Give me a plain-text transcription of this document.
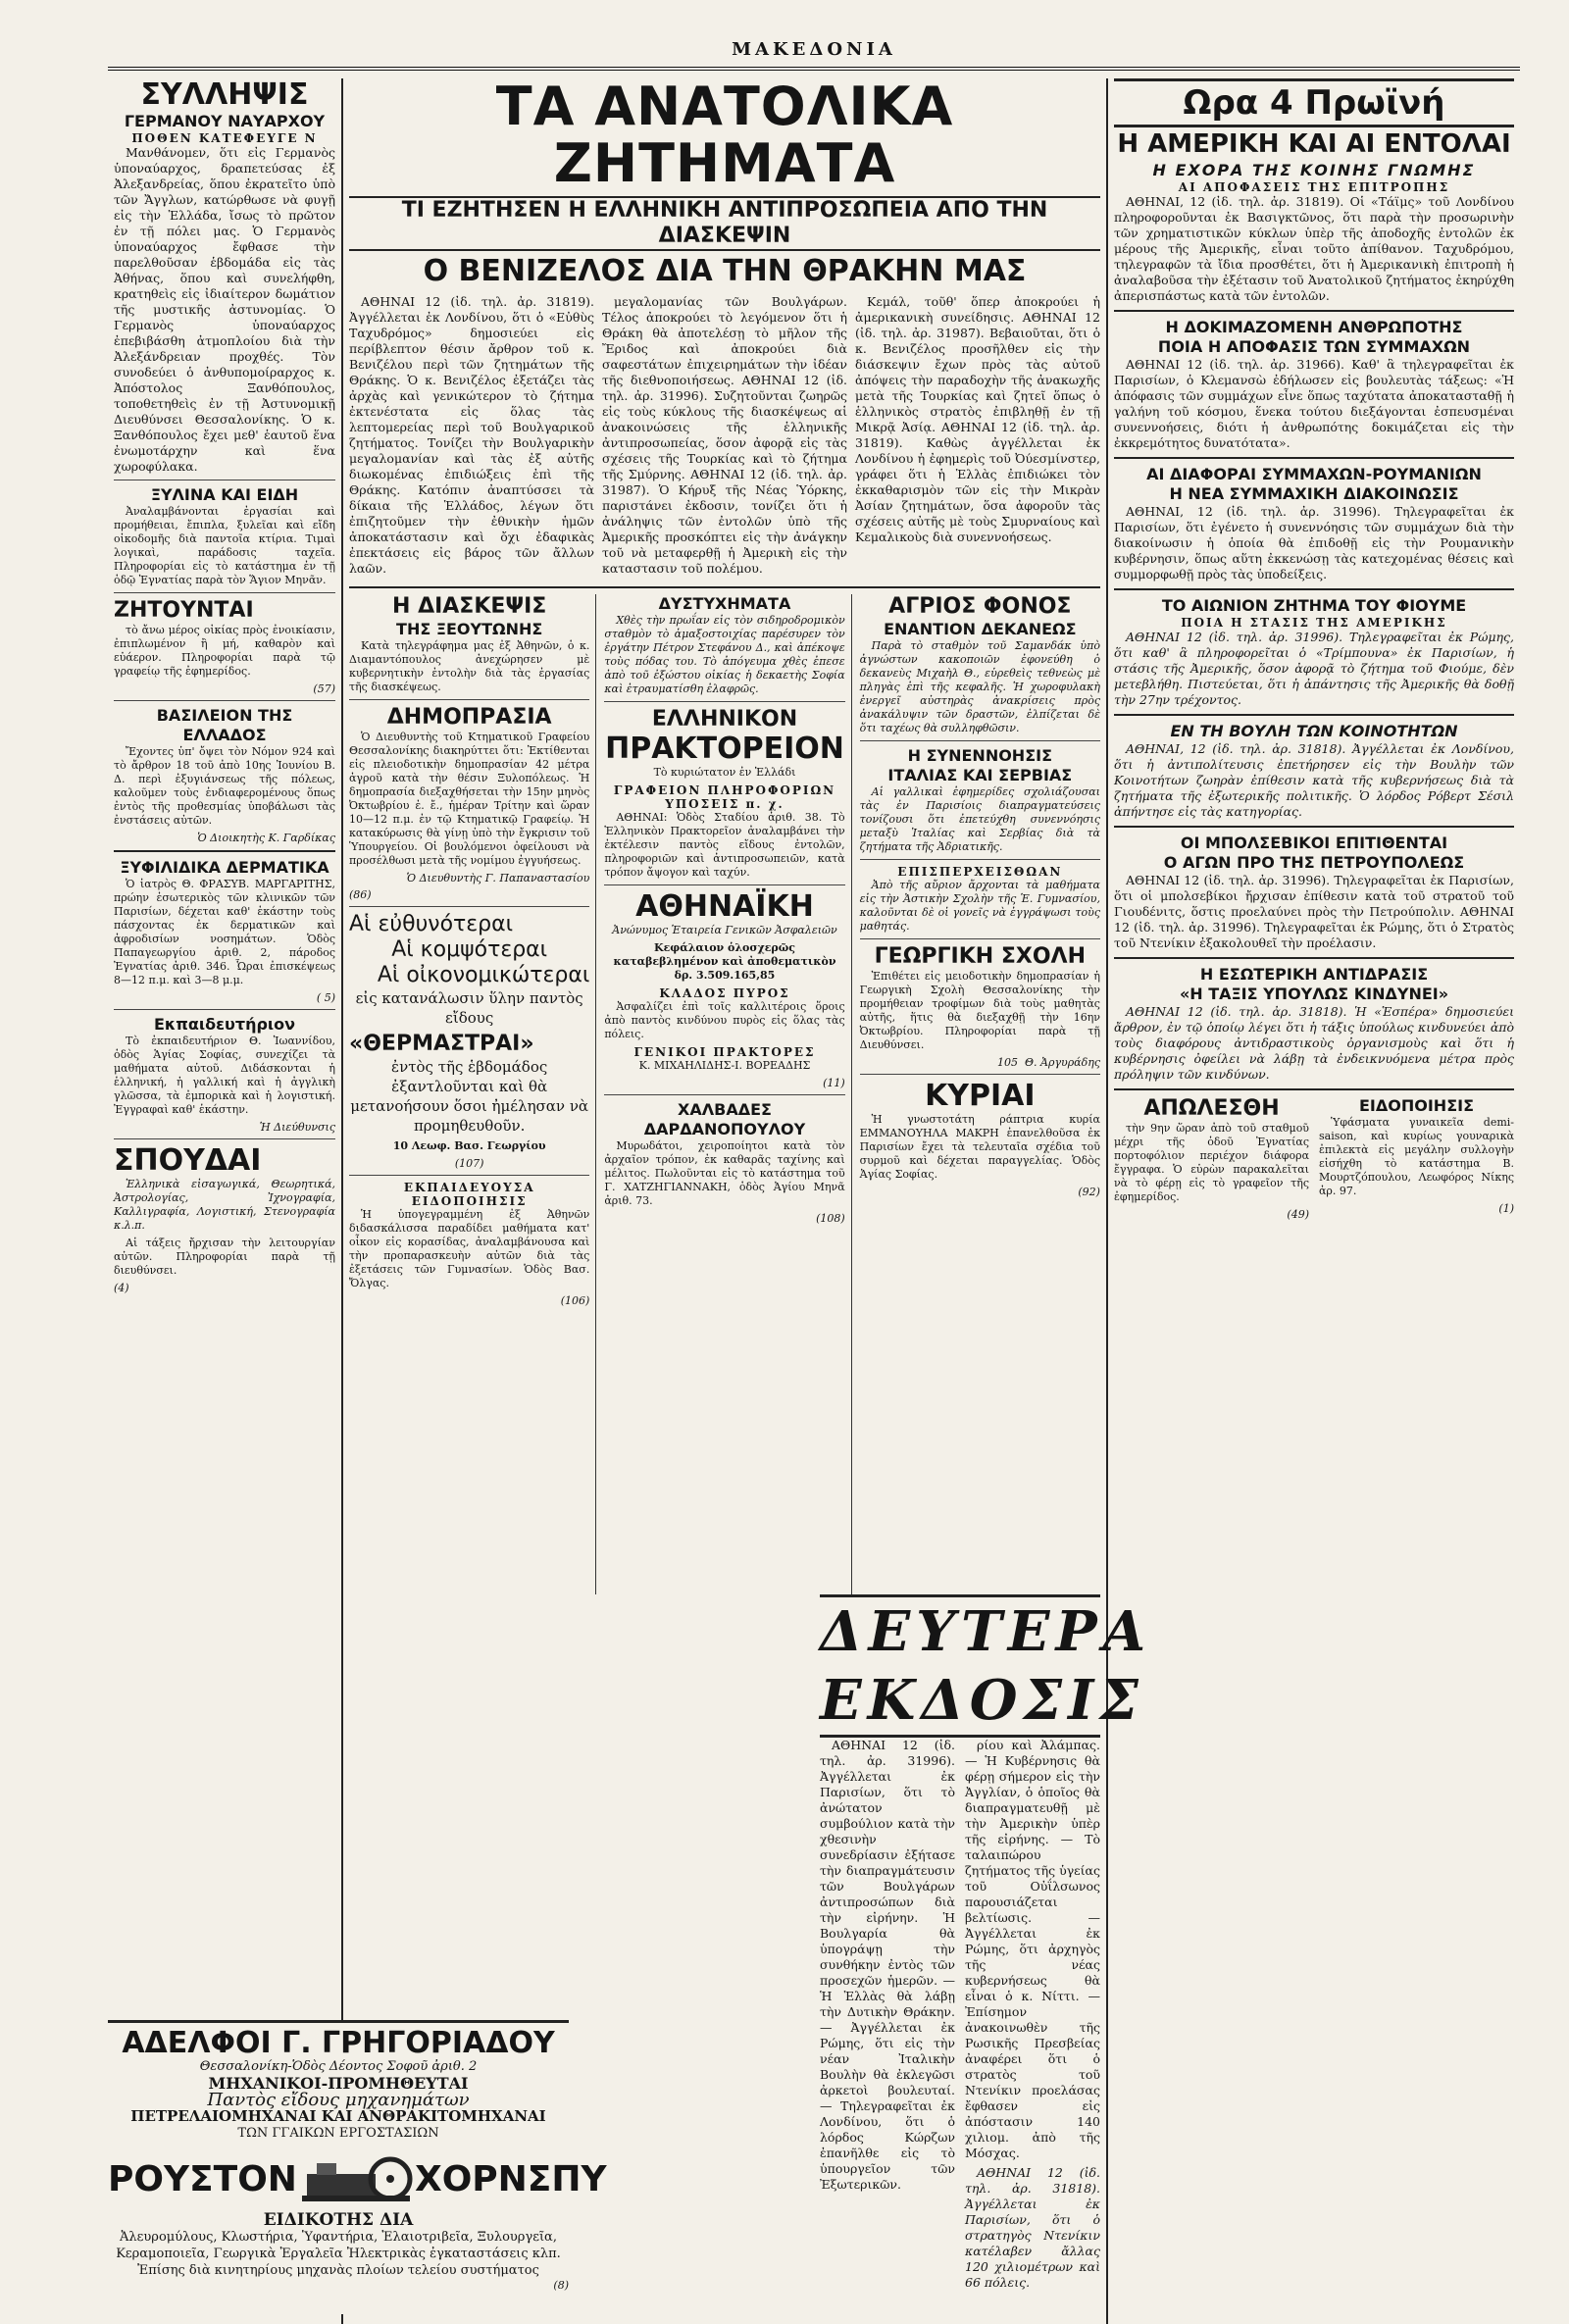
ΜΑΚΕΔΟΝΙΑ
ΣΥΛΛΗΨΙΣ
ΓΕΡΜΑΝΟΥ ΝΑΥΑΡΧΟΥ
ΠΟΘΕΝ ΚΑΤΕΦΕΥΓΕ Ν

Μανθάνομεν, ὅτι εἰς Γερμανὸς ὑποναύαρχος, δραπετεύσας ἐξ Ἀλεξανδρείας, ὅπου ἐκρατεῖτο ὑπὸ τῶν Ἄγγλων, κατώρθωσε νὰ φυγῇ εἰς τὴν Ἑλλάδα, ἴσως τὸ πρῶτον ἐν τῇ πόλει μας. Ὁ Γερμανὸς ὑποναύαρχος ἔφθασε τὴν παρελθοῦσαν ἑβδομάδα εἰς τὰς Ἀθήνας, ὅπου καὶ συνελήφθη, κρατηθεὶς εἰς ἰδιαίτερον δωμάτιον τῆς μυστικῆς ἀστυνομίας. Ὁ Γερμανὸς ὑποναύαρχος ἐπεβιβάσθη ἀτμοπλοίου διὰ τὴν Ἀλεξάνδρειαν προχθές. Τὸν συνοδεύει ὁ ἀνθυπομοίραρχος κ. Ἀπόστολος Ξανθόπουλος, τοποθετηθεὶς ἐν τῇ Ἀστυνομικῇ Διευθύνσει Θεσσαλονίκης. Ὁ κ. Ξανθόπουλος ἔχει μεθ' ἑαυτοῦ ἕνα ἐνωμοτάρχην καὶ ἕνα χωροφύλακα.

ΞΥΛΙΝΑ ΚΑΙ ΕΙΔΗ

Ἀναλαμβάνονται ἐργασίαι καὶ προμήθειαι, ἔπιπλα, ξυλεῖαι καὶ εἴδη οἰκοδομῆς διὰ παντοῖα κτίρια. Τιμαὶ λογικαὶ, παράδοσις ταχεῖα. Πληροφορίαι εἰς τὸ κατάστημα ἐν τῇ ὁδῷ Ἐγνατίας παρὰ τὸν Ἅγιον Μηνᾶν.

ΖΗΤΟΥΝΤΑΙ

τὸ ἄνω μέρος οἰκίας πρὸς ἐνοικίασιν, ἐπιπλωμένον ἢ μή, καθαρὸν καὶ εὐάερον. Πληροφορίαι παρὰ τῷ γραφείῳ τῆς ἐφημερίδος.

(57)
ΒΑΣΙΛΕΙΟΝ ΤΗΣ ΕΛΛΑΔΟΣ

Ἔχοντες ὑπ' ὄψει τὸν Νόμον 924 καὶ τὸ ἄρθρον 18 τοῦ ἀπὸ 10ης Ἰουνίου Β. Δ. περὶ ἐξυγιάνσεως τῆς πόλεως, καλοῦμεν τοὺς ἐνδιαφερομένους ὅπως ἐντὸς τῆς προθεσμίας ὑποβάλωσι τὰς ἐνστάσεις αὐτῶν.

Ὁ Διοικητὴς Κ. Γαρδίκας
ΞΥΦΙΛΙΔΙΚΑ ΔΕΡΜΑΤΙΚΑ

Ὁ ἰατρὸς Θ. ΦΡΑΣΥΒ. ΜΑΡΓΑΡΙΤΗΣ, πρώην ἐσωτερικὸς τῶν κλινικῶν τῶν Παρισίων, δέχεται καθ' ἑκάστην τοὺς πάσχοντας ἐκ δερματικῶν καὶ ἀφροδισίων νοσημάτων. Ὁδὸς Παπαγεωργίου ἀριθ. 2, πάροδος Ἐγνατίας ἀριθ. 346. Ὧραι ἐπισκέψεως 8—12 π.μ. καὶ 3—8 μ.μ.

( 5)
Εκπαιδευτήριον

Τὸ ἐκπαιδευτήριον Θ. Ἰωαννίδου, ὁδὸς Ἁγίας Σοφίας, συνεχίζει τὰ μαθήματα αὐτοῦ. Διδάσκονται ἡ ἑλληνική, ἡ γαλλική καὶ ἡ ἀγγλικὴ γλῶσσα, τὰ ἐμπορικὰ καὶ ἡ λογιστική. Ἐγγραφαὶ καθ' ἑκάστην.

Ἡ Διεύθυνσις
ΣΠΟΥΔΑΙ

Ἑλληνικὰ εἰσαγωγικά, Θεωρητικά, Ἀστρολογίας, Ἰχνογραφία, Καλλιγραφία, Λογιστική, Στενογραφία κ.λ.π.

Αἱ τάξεις ἤρχισαν τὴν λειτουργίαν αὐτῶν. Πληροφορίαι παρὰ τῇ διευθύνσει.

(4)
ΤΑ ΑΝΑΤΟΛΙΚΑ ΖΗΤΗΜΑΤΑ
ΤΙ ΕΖΗΤΗΣΕΝ Η ΕΛΛΗΝΙΚΗ ΑΝΤΙΠΡΟΣΩΠΕΙΑ ΑΠΟ ΤΗΝ ΔΙΑΣΚΕΨΙΝ
Ο ΒΕΝΙΖΕΛΟΣ ΔΙΑ ΤΗΝ ΘΡΑΚΗΝ ΜΑΣ

ΑΘΗΝΑΙ 12 (ἰδ. τηλ. ἀρ. 31819). Ἀγγέλλεται ἐκ Λονδίνου, ὅτι ὁ «Εὐθὺς Ταχυδρόμος» δημοσιεύει εἰς περίβλεπτον θέσιν ἄρθρον τοῦ κ. Βενιζέλου περὶ τῶν ζητημάτων τῆς Θράκης. Ὁ κ. Βενιζέλος ἐξετάζει τὰς ἀρχὰς καὶ γενικώτερον τὸ ζήτημα ἐκτενέστατα εἰς ὅλας τὰς λεπτομερείας περὶ τοῦ Βουλγαρικοῦ ζητήματος. Τονίζει τὴν Βουλγαρικὴν μεγαλομανίαν καὶ τὰς ἐξ αὐτῆς διωκομένας ἐπιδιώξεις ἐπὶ τῆς Θράκης. Κατόπιν ἀναπτύσσει τὰ δίκαια τῆς Ἑλλάδος, λέγων ὅτι ἐπιζητοῦμεν τὴν ἐθνικὴν ἡμῶν ἀποκατάστασιν καὶ ὄχι ἐδαφικὰς ἐπεκτάσεις εἰς βάρος τῶν ἄλλων λαῶν.

μεγαλομανίας τῶν Βουλγάρων. Τέλος ἀποκρούει τὸ λεγόμενον ὅτι ἡ Θράκη θὰ ἀποτελέσῃ τὸ μῆλον τῆς Ἔριδος καὶ ἀποκρούει διὰ σαφεστάτων ἐπιχειρημάτων τὴν ἰδέαν τῆς διεθνοποιήσεως. ΑΘΗΝΑΙ 12 (ἰδ. τηλ. ἀρ. 31996). Συζητοῦνται ζωηρῶς εἰς τοὺς κύκλους τῆς διασκέψεως αἱ ἀνακοινώσεις τῆς ἑλληνικῆς ἀντιπροσωπείας, ὅσον ἀφορᾷ εἰς τὰς σχέσεις τῆς Τουρκίας καὶ τὸ ζήτημα τῆς Σμύρνης. ΑΘΗΝΑΙ 12 (ἰδ. τηλ. ἀρ. 31987). Ὁ Κήρυξ τῆς Νέας Ὑόρκης, παριστάνει ἐκδοσιν, τονίζει ὅτι ἡ ἀνάληψις τῶν ἐντολῶν ὑπὸ τῆς Ἀμερικῆς προσκόπτει εἰς τὴν ἀνάγκην τοῦ νὰ μεταφερθῇ ἡ Ἀμερικὴ εἰς τὴν καταστασιν τοῦ πολέμου.

Κεμάλ, τοῦθ' ὅπερ ἀποκρούει ἡ ἀμερικανικὴ συνείδησις. ΑΘΗΝΑΙ 12 (ἰδ. τηλ. ἀρ. 31987). Βεβαιοῦται, ὅτι ὁ κ. Βενιζέλος προσῆλθεν εἰς τὴν διάσκεψιν ἔχων πρὸς τὰς αὐτοῦ ἀπόψεις τὴν παραδοχὴν τῆς ἀνακωχῆς μετὰ τῆς Τουρκίας καὶ ζητεῖ ὅπως ὁ ἑλληνικὸς στρατὸς ἐπιβληθῇ ἐν τῇ Μικρᾷ Ἀσίᾳ. ΑΘΗΝΑΙ 12 (ἰδ. τηλ. ἀρ. 31819). Καθὼς ἀγγέλλεται ἐκ Λονδίνου ἡ ἐφημερὶς τοῦ Ὀύεσμίνστερ, γράφει ὅτι ἡ Ἑλλὰς ἐπιδιώκει τὸν ἐκκαθαρισμὸν τῶν εἰς τὴν Μικρὰν Ἀσίαν ζητημάτων, ὅσα ἀφοροῦν τὰς σχέσεις αὐτῆς μὲ τοὺς Σμυρναίους καὶ Κεμαλικοὺς διὰ συνεννοήσεως.

Η ΔΙΑΣΚΕΨΙΣ
ΤΗΣ ΞΕΟΥΤΩΝΗΣ

Κατὰ τηλεγράφημα μας ἐξ Ἀθηνῶν, ὁ κ. Διαμαντόπουλος ἀνεχώρησεν μὲ κυβερνητικὴν ἐντολὴν διὰ τὰς ἐργασίας τῆς διασκέψεως.

ΔΗΜΟΠΡΑΣΙΑ

Ὁ Διευθυντὴς τοῦ Κτηματικοῦ Γραφείου Θεσσαλονίκης διακηρύττει ὅτι: Ἐκτίθενται εἰς πλειοδοτικὴν δημοπρασίαν 42 μέτρα ἀγροῦ κατὰ τὴν θέσιν Ξυλοπόλεως. Ἡ δημοπρασία διεξαχθήσεται τὴν 15ην μηνὸς Ὀκτωβρίου ἐ. ἔ., ἡμέραν Τρίτην καὶ ὥραν 10—12 π.μ. ἐν τῷ Κτηματικῷ Γραφείῳ. Ἡ κατακύρωσις θὰ γίνῃ ὑπὸ τὴν ἔγκρισιν τοῦ Ὑπουργείου. Οἱ βουλόμενοι ὀφείλουσι νὰ προσέλθωσι μετὰ τῆς νομίμου ἐγγυήσεως.

Ὁ Διευθυντὴς Γ. Παπαναστασίου
(86)
Αἱ εὐθυνότεραι
Αἱ κομψότεραι
Αἱ οἰκονομικώτεραι

εἰς κατανάλωσιν ὕλην παντὸς εἴδους

«ΘΕΡΜΑΣΤΡΑΙ»

ἐντὸς τῆς ἑβδομάδος ἐξαντλοῦνται καὶ θὰ μετανοήσουν ὅσοι ἠμέλησαν νὰ προμηθευθοῦν.

10 Λεωφ. Βασ. Γεωργίου

(107)
ΕΚΠΑΙΔΕΥΟΥΣΑ ΕΙΔΟΠΟΙΗΣΙΣ

Ἡ ὑπογεγραμμένη ἐξ Ἀθηνῶν διδασκάλισσα παραδίδει μαθήματα κατ' οἶκον εἰς κορασίδας, ἀναλαμβάνουσα καὶ τὴν προπαρασκευὴν αὐτῶν διὰ τὰς ἐξετάσεις τῶν Γυμνασίων. Ὁδὸς Βασ. Ὄλγας.

(106)
ΔΥΣΤΥΧΗΜΑΤΑ

Χθὲς τὴν πρωΐαν εἰς τὸν σιδηροδρομικὸν σταθμὸν τὸ ἁμαξοστοιχίας παρέσυρεν τὸν ἐργάτην Πέτρον Στεφάνου Δ., καὶ ἀπέκοψε τοὺς πόδας του. Τὸ ἀπόγευμα χθὲς ἐπεσε ἀπὸ τοῦ ἐξώστου οἰκίας ἡ δεκαετὴς Σοφία καὶ ἐτραυματίσθη ἐλαφρῶς.

ΕΛΛΗΝΙΚΟΝ
ΠΡΑΚΤΟΡΕΙΟΝ

Τὸ κυριώτατον ἐν Ἑλλάδι

ΓΡΑΦΕΙΟΝ ΠΛΗΡΟΦΟΡΙΩΝ
ΥΠΟΣΕΙΣ π. χ.

ΑΘΗΝΑΙ: Ὁδὸς Σταδίου ἀριθ. 38. Τὸ Ἑλληνικὸν Πρακτορεῖον ἀναλαμβάνει τὴν ἐκτέλεσιν παντὸς εἴδους ἐντολῶν, πληροφοριῶν καὶ ἀντιπροσωπειῶν, κατὰ τρόπον ἄψογον καὶ ταχύν.

ΑΘΗΝΑΪΚΗ

Ἀνώνυμος Ἑταιρεία Γενικῶν Ἀσφαλειῶν

Κεφάλαιον ὁλοσχερῶς καταβεβλημένον καὶ ἀποθεματικὸν δρ. 3.509.165,85

ΚΛΑΔΟΣ ΠΥΡΟΣ

Ἀσφαλίζει ἐπὶ τοῖς καλλιτέροις ὅροις ἀπὸ παντὸς κινδύνου πυρὸς εἰς ὅλας τὰς πόλεις.

ΓΕΝΙΚΟΙ ΠΡΑΚΤΟΡΕΣ

Κ. ΜΙΧΑΗΛΙΔΗΣ-Ι. ΒΟΡΕΑΔΗΣ

(11)
ΧΑΛΒΑΔΕΣ ΔΑΡΔΑΝΟΠΟΥΛΟΥ

Μυρωδάτοι, χειροποίητοι κατὰ τὸν ἀρχαῖον τρόπον, ἐκ καθαρᾶς ταχίνης καὶ μέλιτος. Πωλοῦνται εἰς τὸ κατάστημα τοῦ Γ. ΧΑΤΖΗΓΙΑΝΝΑΚΗ, ὁδὸς Ἀγίου Μηνᾶ ἀριθ. 73.

(108)
ΑΓΡΙΟΣ ΦΟΝΟΣ
ΕΝΑΝΤΙΟΝ ΔΕΚΑΝΕΩΣ

Παρὰ τὸ σταθμὸν τοῦ Σαμανδάκ ὑπὸ ἀγνώστων κακοποιῶν ἐφονεύθη ὁ δεκανεὺς Μιχαὴλ Θ., εὑρεθεὶς τεθνεὼς μὲ πληγὰς ἐπὶ τῆς κεφαλῆς. Ἡ χωροφυλακὴ ἐνεργεῖ αὐστηρὰς ἀνακρίσεις πρὸς ἀνακάλυψιν τῶν δραστῶν, ἐλπίζεται δὲ ὅτι ταχέως θὰ συλληφθῶσιν.

Η ΣΥΝΕΝΝΟΗΣΙΣ
ΙΤΑΛΙΑΣ ΚΑΙ ΣΕΡΒΙΑΣ

Αἱ γαλλικαὶ ἐφημερίδες σχολιάζουσαι τὰς ἐν Παρισίοις διαπραγματεύσεις τονίζουσι ὅτι ἐπετεύχθη συνεννόησις μεταξὺ Ἰταλίας καὶ Σερβίας διὰ τὰ ζητήματα τῆς Ἀδριατικῆς.

ΕΠΙΣΠΕΡΧΕΙΣΘΩΑΝ

Ἀπὸ τῆς αὔριον ἄρχονται τὰ μαθήματα εἰς τὴν Ἀστικὴν Σχολὴν τῆς Ἑ. Γυμνασίου, καλοῦνται δὲ οἱ γονεῖς νὰ ἐγγράψωσι τοὺς μαθητάς.

ΓΕΩΡΓΙΚΗ ΣΧΟΛΗ

Ἐπιθέτει εἰς μειοδοτικὴν δημοπρασίαν ἡ Γεωργικὴ Σχολὴ Θεσσαλονίκης τὴν προμήθειαν τροφίμων διὰ τοὺς μαθητὰς αὐτῆς, ἥτις θὰ διεξαχθῇ τὴν 16ην Ὀκτωβρίου. Πληροφορίαι παρὰ τῇ Διευθύνσει.

105 Θ. Ἀργυράδης
ΚΥΡΙΑΙ

Ἡ γνωστοτάτη ράπτρια κυρία ΕΜΜΑΝΟΥΗΛΑ ΜΑΚΡΗ ἐπανελθοῦσα ἐκ Παρισίων ἔχει τὰ τελευταῖα σχέδια τοῦ συρμοῦ καὶ δέχεται παραγγελίας. Ὁδὸς Ἀγίας Σοφίας.

(92)
ΔΕΥΤΕΡΑ ΕΚΔΟΣΙΣ

ΑΘΗΝΑΙ 12 (ἰδ. τηλ. ἀρ. 31996). Ἀγγέλλεται ἐκ Παρισίων, ὅτι τὸ ἀνώτατον συμβούλιον κατὰ τὴν χθεσινὴν συνεδρίασιν ἐξήτασε τὴν διαπραγμάτευσιν τῶν Βουλγάρων ἀντιπροσώπων διὰ τὴν εἰρήνην. Ἡ Βουλγαρία θὰ ὑπογράψῃ τὴν συνθήκην ἐντὸς τῶν προσεχῶν ἡμερῶν. — Ἡ Ἑλλὰς θὰ λάβῃ τὴν Δυτικὴν Θράκην. — Ἀγγέλλεται ἐκ Ρώμης, ὅτι εἰς τὴν νέαν Ἰταλικὴν Βουλὴν θὰ ἐκλεγῶσι ἀρκετοὶ βουλευταί. — Τηλεγραφεῖται ἐκ Λονδίνου, ὅτι ὁ λόρδος Κώρζων ἐπανῆλθε εἰς τὸ ὑπουργεῖον τῶν Ἐξωτερικῶν.

ρίου καὶ Ἀλάμπας. — Ἡ Κυβέρνησις θὰ φέρῃ σήμερον εἰς τὴν Ἀγγλίαν, ὁ ὁποῖος θὰ διαπραγματευθῇ μὲ τὴν Ἀμερικὴν ὑπὲρ τῆς εἰρήνης. — Τὸ ταλαιπώρου ζητήματος τῆς ὑγείας τοῦ Οὐΐλσωνος παρουσιάζεται βελτίωσις. — Ἀγγέλλεται ἐκ Ρώμης, ὅτι ἀρχηγὸς τῆς νέας κυβερνήσεως θὰ εἶναι ὁ κ. Νίττι. — Ἐπίσημον ἀνακοινωθὲν τῆς Ρωσικῆς Πρεσβείας ἀναφέρει ὅτι ὁ στρατὸς τοῦ Ντενίκιν προελάσας ἔφθασεν εἰς ἀπόστασιν 140 χιλιομ. ἀπὸ τῆς Μόσχας.

ΑΘΗΝΑΙ 12 (ἰδ. τηλ. ἀρ. 31818). Ἀγγέλλεται ἐκ Παρισίων, ὅτι ὁ στρατηγὸς Ντενίκιν κατέλαβεν ἄλλας 120 χιλιομέτρων καὶ 66 πόλεις.

Ωρα 4 Πρωϊνή
Η ΑΜΕΡΙΚΗ ΚΑΙ ΑΙ ΕΝΤΟΛΑΙ
Η ΕΧΟΡΑ ΤΗΣ ΚΟΙΝΗΣ ΓΝΩΜΗΣ
ΑΙ ΑΠΟΦΑΣΕΙΣ ΤΗΣ ΕΠΙΤΡΟΠΗΣ

ΑΘΗΝΑΙ, 12 (ἰδ. τηλ. ἀρ. 31819). Οἱ «Τάϊμς» τοῦ Λονδίνου πληροφοροῦνται ἐκ Βασιγκτῶνος, ὅτι παρὰ τὴν προσωρινὴν τῶν χρηματιστικῶν κύκλων ὑπὲρ τῆς ἀποδοχῆς ἐντολῶν ἐκ μέρους τῆς Ἀμερικῆς, εἶναι τοῦτο ἀπίθανον. Ταχυδρόμου, τηλεγραφῶν τὰ ἴδια προσθέτει, ὅτι ἡ Ἀμερικανικὴ ἐπιτροπὴ ἡ ἀναλαβοῦσα τὴν ἐξέτασιν τοῦ Ἀνατολικοῦ ζητήματος ἐκηρύχθη ἀπερισπάστως κατὰ τῶν ἐντολῶν.

Η ΔΟΚΙΜΑΖΟΜΕΝΗ ΑΝΘΡΩΠΟΤΗΣ
ΠΟΙΑ Η ΑΠΟΦΑΣΙΣ ΤΩΝ ΣΥΜΜΑΧΩΝ

ΑΘΗΝΑΙ 12 (ἰδ. τηλ. ἀρ. 31966). Καθ' ἃ τηλεγραφεῖται ἐκ Παρισίων, ὁ Κλεμανσὼ ἐδήλωσεν εἰς βουλευτὰς τάξεως: «Ἡ ἀπόφασις τῶν συμμάχων εἶνε ὅπως ταχύτατα ἀποκατασταθῇ ἡ γαλήνη τοῦ κόσμου, ἕνεκα τούτου διεξάγονται ἐσπευσμέναι συνεννοήσεις, διότι ἡ ἀνθρωπότης δοκιμάζεται εἰς τὴν ἐκκρεμότητος δυνατότατα».

ΑΙ ΔΙΑΦΟΡΑΙ ΣΥΜΜΑΧΩΝ-ΡΟΥΜΑΝΙΩΝ
Η ΝΕΑ ΣΥΜΜΑΧΙΚΗ ΔΙΑΚΟΙΝΩΣΙΣ

ΑΘΗΝΑΙ, 12 (ἰδ. τηλ. ἀρ. 31996). Τηλεγραφεῖται ἐκ Παρισίων, ὅτι ἐγένετο ἡ συνεννόησις τῶν συμμάχων διὰ τὴν διακοίνωσιν ἡ ὁποία θὰ ἐπιδοθῇ εἰς τὴν Ρουμανικὴν κυβέρνησιν, ὅπως αὕτη ἐκκενώσῃ τὰς κατεχομένας θέσεις καὶ συμμορφωθῇ πρὸς τὰς ὑποδείξεις.

ΤΟ ΑΙΩΝΙΟΝ ΖΗΤΗΜΑ ΤΟΥ ΦΙΟΥΜΕ
ΠΟΙΑ Η ΣΤΑΣΙΣ ΤΗΣ ΑΜΕΡΙΚΗΣ

ΑΘΗΝΑΙ 12 (ἰδ. τηλ. ἀρ. 31996). Τηλεγραφεῖται ἐκ Ρώμης, ὅτι καθ' ἃ πληροφορεῖται ὁ «Τρίμπουνα» ἐκ Παρισίων, ἡ στάσις τῆς Ἀμερικῆς, ὅσον ἀφορᾷ τὸ ζήτημα τοῦ Φιούμε, δὲν μετεβλήθη. Πιστεύεται, ὅτι ἡ ἀπάντησις τῆς Ἀμερικῆς θὰ δοθῇ τὴν 27ην τρέχοντος.

ΕΝ ΤΗ ΒΟΥΛΗ ΤΩΝ ΚΟΙΝΟΤΗΤΩΝ

ΑΘΗΝΑΙ, 12 (ἰδ. τηλ. ἀρ. 31818). Ἀγγέλλεται ἐκ Λονδίνου, ὅτι ἡ ἀντιπολίτευσις ἐπετήρησεν εἰς τὴν Βουλὴν τῶν Κοινοτήτων ζωηρὰν ἐπίθεσιν κατὰ τῆς κυβερνήσεως διὰ τὰ ζητήματα τῆς ἐξωτερικῆς πολιτικῆς. Ὁ λόρδος Ρόβερτ Σέσιλ ἀπήντησε εἰς τὰς κατηγορίας.

ΟΙ ΜΠΟΛΣΕΒΙΚΟΙ ΕΠΙΤΙΘΕΝΤΑΙ
Ο ΑΓΩΝ ΠΡΟ ΤΗΣ ΠΕΤΡΟΥΠΟΛΕΩΣ

ΑΘΗΝΑΙ 12 (ἰδ. τηλ. ἀρ. 31996). Τηλεγραφεῖται ἐκ Παρισίων, ὅτι οἱ μπολσεβίκοι ἤρχισαν ἐπίθεσιν κατὰ τοῦ στρατοῦ τοῦ Γιουδένιτς, ὅστις προελαύνει πρὸς τὴν Πετρούπολιν. ΑΘΗΝΑΙ 12 (ἰδ. τηλ. ἀρ. 31996). Τηλεγραφεῖται ἐκ Ρώμης, ὅτι ὁ Στρατὸς τοῦ Ντενίκιν ἐξακολουθεῖ τὴν προέλασιν.

Η ΕΣΩΤΕΡΙΚΗ ΑΝΤΙΔΡΑΣΙΣ
«Η ΤΑΞΙΣ ΥΠΟΥΛΩΣ ΚΙΝΔΥΝΕΙ»

ΑΘΗΝΑΙ 12 (ἰδ. τηλ. ἀρ. 31818). Ἡ «Ἑσπέρα» δημοσιεύει ἄρθρον, ἐν τῷ ὁποίῳ λέγει ὅτι ἡ τάξις ὑπούλως κινδυνεύει ἀπὸ τοὺς διαφόρους ἀντιδραστικοὺς ὀργανισμοὺς καὶ ὅτι ἡ κυβέρνησις ὀφείλει νὰ λάβῃ τὰ ἐνδεικνυόμενα μέτρα πρὸς πρόληψιν τῶν κινδύνων.

ΑΠΩΛΕΣΘΗ

τὴν 9ην ὥραν ἀπὸ τοῦ σταθμοῦ μέχρι τῆς ὁδοῦ Ἐγνατίας πορτοφόλιον περιέχον διάφορα ἔγγραφα. Ὁ εὑρὼν παρακαλεῖται νὰ τὸ φέρῃ εἰς τὸ γραφεῖον τῆς ἐφημερίδος.

(49)
ΕΙΔΟΠΟΙΗΣΙΣ

Ὑφάσματα γυναικεῖα demi-saison, καὶ κυρίως γουναρικὰ ἐπιλεκτὰ εἰς μεγάλην συλλογὴν εἰσήχθη τὸ κατάστημα Β. Μουρτζόπουλου, Λεωφόρος Νίκης ἀρ. 97.

(1)
ΑΔΕΛΦΟΙ Γ. ΓΡΗΓΟΡΙΑΔΟΥ
Θεσσαλονίκη-Ὁδὸς Δέοντος Σοφοῦ ἀριθ. 2
ΜΗΧΑΝΙΚΟΙ-ΠΡΟΜΗΘΕΥΤΑΙ
Παντὸς εἴδους μηχανημάτων
ΠΕΤΡΕΛΑΙΟΜΗΧΑΝΑΙ ΚΑΙ ΑΝΘΡΑΚΙΤΟΜΗΧΑΝΑΙ
ΤΩΝ ΓΓΑΙΚΩΝ ΕΡΓΟΣΤΑΣΙΩΝ
ΡΟΥΣΤΟΝ	ΧΟΡΝΣΠΥ
ΕΙΔΙΚΟΤΗΣ ΔΙΑ
Ἀλευρομύλους, Κλωστήρια, Ὑφαντήρια, Ἐλαιοτριβεῖα, Ξυλουργεῖα, Κεραμοποιεῖα, Γεωργικὰ Ἐργαλεῖα Ἠλεκτρικὰς ἐγκαταστάσεις κλπ. Ἐπίσης διὰ κινητηρίους μηχανὰς πλοίων τελείου συστήματος
(8)
